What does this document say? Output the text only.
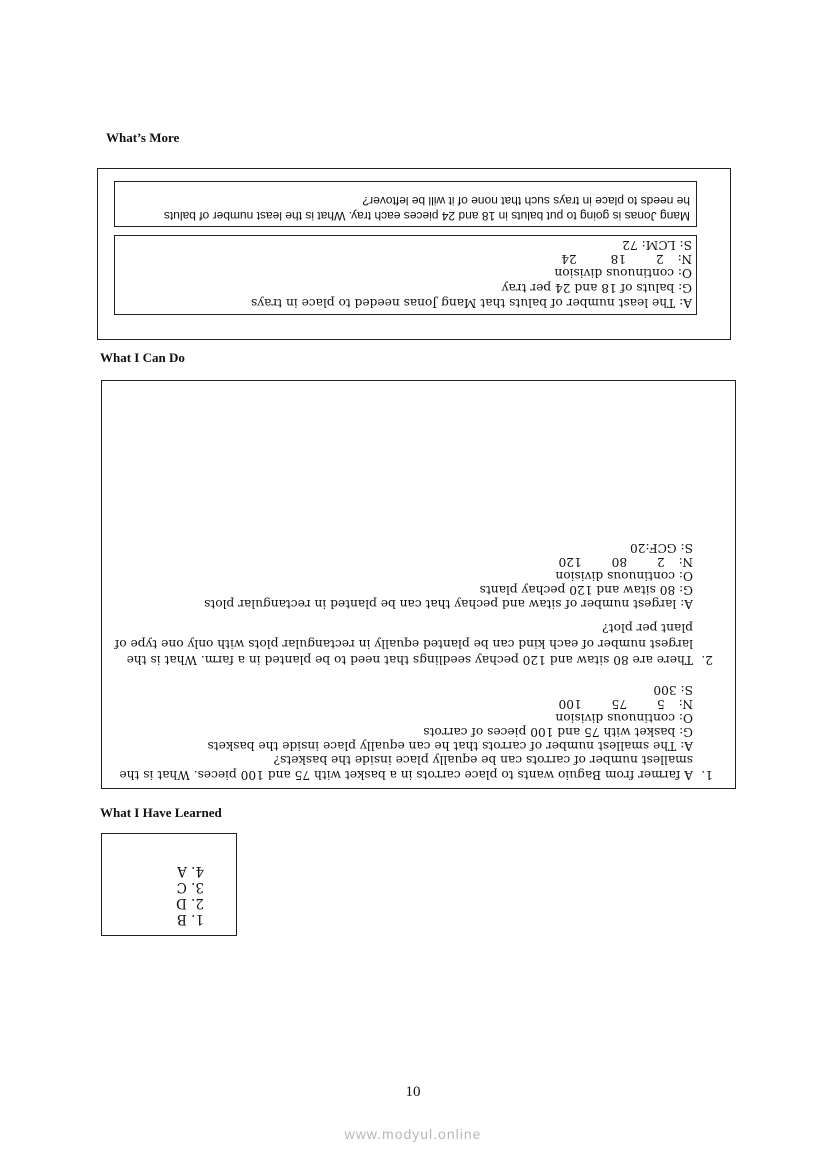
What’s More
What I Can Do
What I Have Learned
Mang Jonas is going to put baluts in 18 and 24 pieces each tray. What is the least number of baluts
he needs to place in trays such that none of it will be leftover?
A: The least number of baluts that Mang Jonas needed to place in trays
G: baluts of 18 and 24 per tray
O: continuous division
N: 2 18 24
S: LCM: 72
1.
A farmer from Baguio wants to place carrots in a basket with 75 and 100 pieces. What is the
smallest number of carrots can be equally place inside the baskets?
A: The smallest number of carrots that he can equally place inside the baskets
G: basket with 75 and 100 pieces of carrots
O: continuous division
N: 5 75 100
S: 300
2.
There are 80 sitaw and 120 pechay seedlings that need to be planted in a farm. What is the
largest number of each kind can be planted equally in rectangular plots with only one type of
plant per plot?
A: largest number of sitaw and pechay that can be planted in rectangular plots
G: 80 sitaw and 120 pechay plants
O: continuous division
N: 2 80 120
S: GCF:20
1. B
2. D
3. C
4. A
10
www.modyul.online
